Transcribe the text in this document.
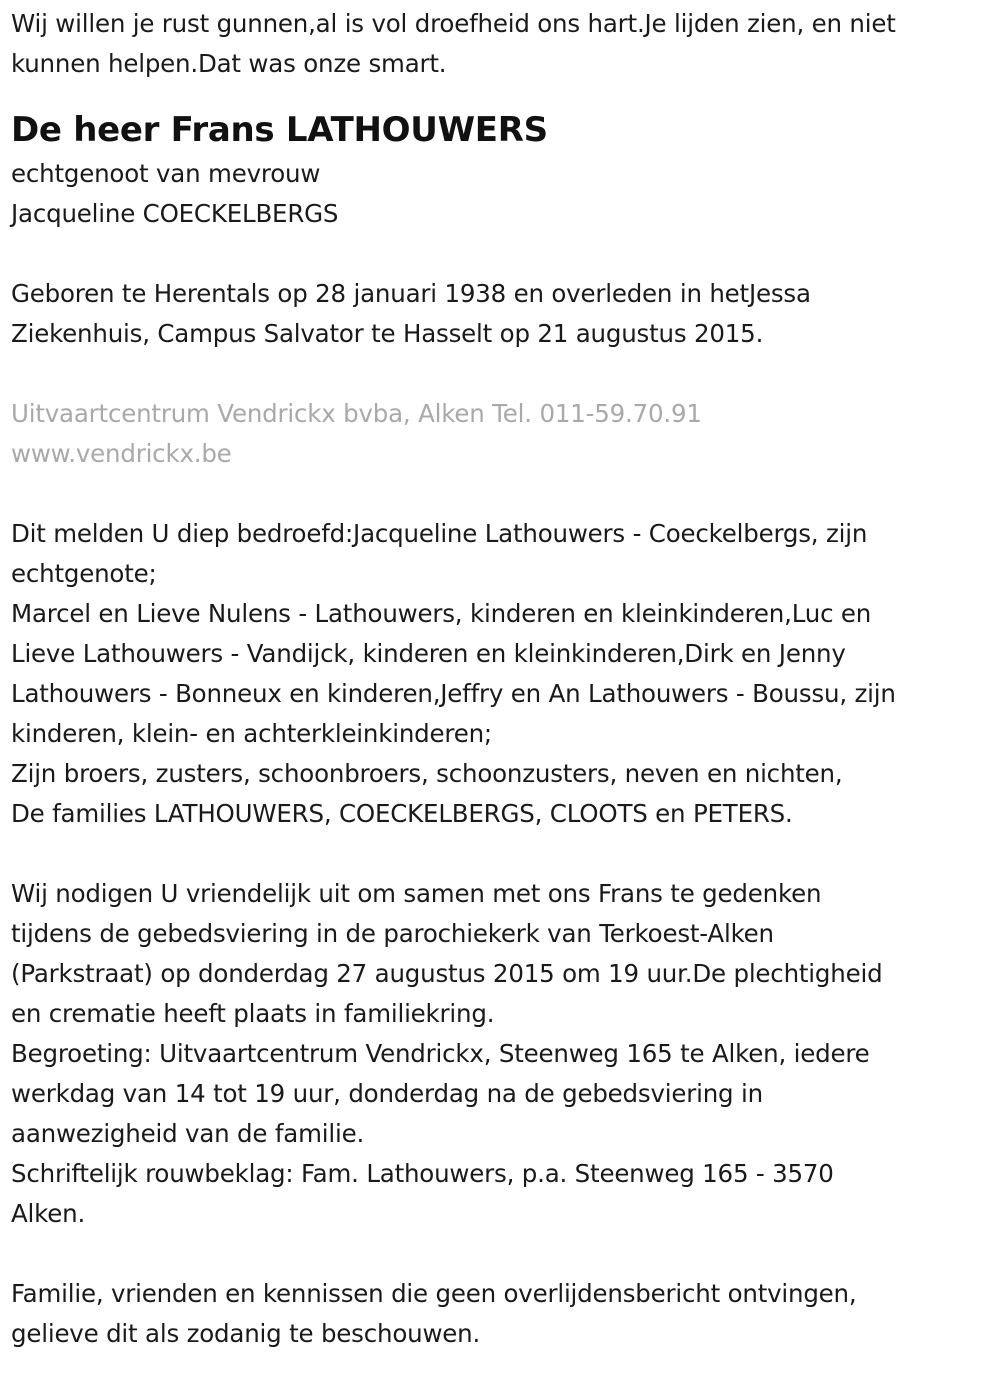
Wij willen je rust gunnen,al is vol droefheid ons hart.Je lijden zien, en niet
kunnen helpen.Dat was onze smart.
De heer Frans LATHOUWERS
echtgenoot van mevrouw
Jacqueline COECKELBERGS
Geboren te Herentals op 28 januari 1938 en overleden in hetJessa
Ziekenhuis, Campus Salvator te Hasselt op 21 augustus 2015.
Uitvaartcentrum Vendrickx bvba, Alken Tel. 011-59.70.91
www.vendrickx.be
Dit melden U diep bedroefd:Jacqueline Lathouwers - Coeckelbergs, zijn
echtgenote;
Marcel en Lieve Nulens - Lathouwers, kinderen en kleinkinderen,Luc en
Lieve Lathouwers - Vandijck, kinderen en kleinkinderen,Dirk en Jenny
Lathouwers - Bonneux en kinderen,Jeffry en An Lathouwers - Boussu, zijn
kinderen, klein- en achterkleinkinderen;
Zijn broers, zusters, schoonbroers, schoonzusters, neven en nichten,
De families LATHOUWERS, COECKELBERGS, CLOOTS en PETERS.
Wij nodigen U vriendelijk uit om samen met ons Frans te gedenken
tijdens de gebedsviering in de parochiekerk van Terkoest-Alken
(Parkstraat) op donderdag 27 augustus 2015 om 19 uur.De plechtigheid
en crematie heeft plaats in familiekring.
Begroeting: Uitvaartcentrum Vendrickx, Steenweg 165 te Alken, iedere
werkdag van 14 tot 19 uur, donderdag na de gebedsviering in
aanwezigheid van de familie.
Schriftelijk rouwbeklag: Fam. Lathouwers, p.a. Steenweg 165 - 3570
Alken.
Familie, vrienden en kennissen die geen overlijdensbericht ontvingen,
gelieve dit als zodanig te beschouwen.
